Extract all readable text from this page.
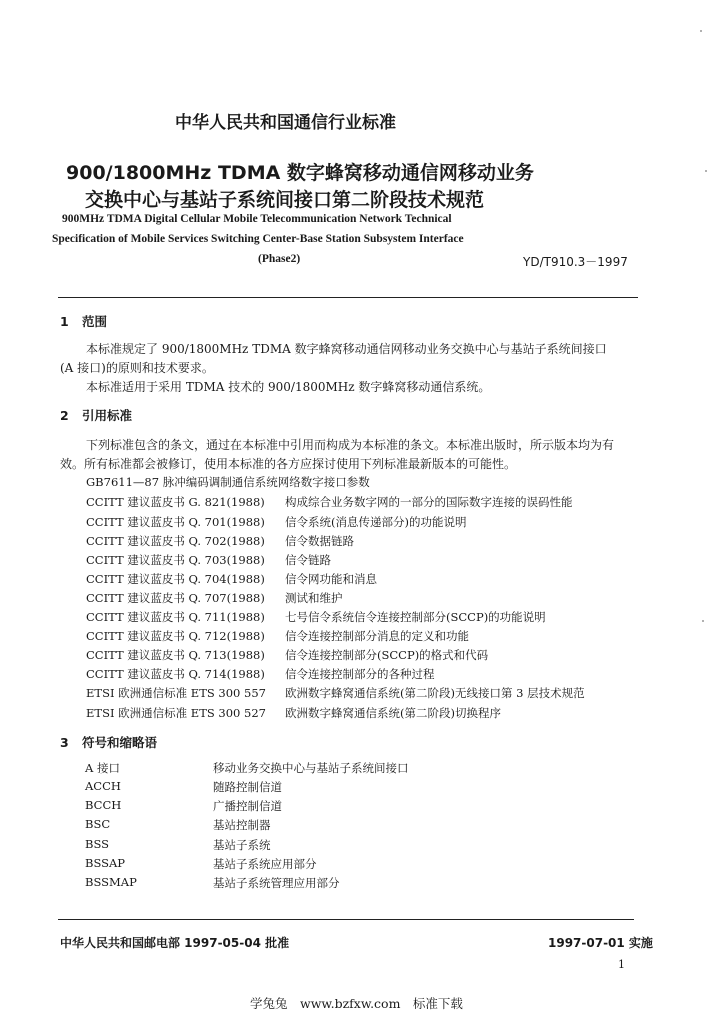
中华人民共和国通信行业标准
900/1800MHz TDMA 数字蜂窝移动通信网移动业务
交换中心与基站子系统间接口第二阶段技术规范
900MHz TDMA Digital Cellular Mobile Telecommunication Network Technical
Specification of Mobile Services Switching Center-Base Station Subsystem Interface
(Phase2)	YD/T910.3－1997
1 范围
本标准规定了 900/1800MHz TDMA 数字蜂窝移动通信网移动业务交换中心与基站子系统间接口
(A 接口)的原则和技术要求。
本标准适用于采用 TDMA 技术的 900/1800MHz 数字蜂窝移动通信系统。
2 引用标准
下列标准包含的条文，通过在本标准中引用而构成为本标准的条文。本标准出版时，所示版本均为有
效。所有标准都会被修订，使用本标准的各方应探讨使用下列标准最新版本的可能性。
GB7611—87 脉冲编码调制通信系统网络数字接口参数
CCITT 建议蓝皮书 G. 821(1988) 构成综合业务数字网的一部分的国际数字连接的误码性能
CCITT 建议蓝皮书 Q. 701(1988) 信令系统(消息传递部分)的功能说明
CCITT 建议蓝皮书 Q. 702(1988) 信令数据链路
CCITT 建议蓝皮书 Q. 703(1988) 信令链路
CCITT 建议蓝皮书 Q. 704(1988) 信令网功能和消息
CCITT 建议蓝皮书 Q. 707(1988) 测试和维护
CCITT 建议蓝皮书 Q. 711(1988) 七号信令系统信令连接控制部分(SCCP)的功能说明
CCITT 建议蓝皮书 Q. 712(1988) 信令连接控制部分消息的定义和功能
CCITT 建议蓝皮书 Q. 713(1988) 信令连接控制部分(SCCP)的格式和代码
CCITT 建议蓝皮书 Q. 714(1988) 信令连接控制部分的各种过程
ETSI 欧洲通信标准 ETS 300 557 欧洲数字蜂窝通信系统(第二阶段)无线接口第 3 层技术规范
ETSI 欧洲通信标准 ETS 300 527 欧洲数字蜂窝通信系统(第二阶段)切换程序
3 符号和缩略语
A 接口	移动业务交换中心与基站子系统间接口
ACCH	随路控制信道
BCCH	广播控制信道
BSC	基站控制器
BSS	基站子系统
BSSAP	基站子系统应用部分
BSSMAP	基站子系统管理应用部分
中华人民共和国邮电部 1997-05-04 批准	1997-07-01 实施
1
学兔兔　www.bzfxw.com　标准下载
